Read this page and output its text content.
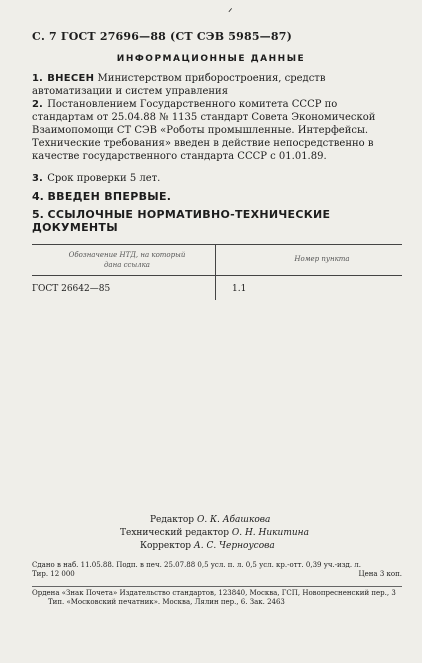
ᐟ
С. 7 ГОСТ 27696—88 (СТ СЭВ 5985—87)
ИНФОРМАЦИОННЫЕ ДАННЫЕ
1. ВНЕСЕН Министерством приборостроения, средств автоматизации и систем управления
2. Постановлением Государственного комитета СССР по стандартам от 25.04.88 № 1135 стандарт Совета Экономической Взаимопомощи СТ СЭВ «Роботы промышленные. Интерфейсы. Технические требования» введен в действие непосредственно в качестве государственного стандарта СССР с 01.01.89.
3. Срок проверки 5 лет.
4. ВВЕДЕН ВПЕРВЫЕ.
5. ССЫЛОЧНЫЕ НОРМАТИВНО-ТЕХНИЧЕСКИЕ ДОКУМЕНТЫ
Обозначение НТД, на который
дана ссылка
Номер пункта
ГОСТ 26642—85	1.1
Редактор О. К. Абашкова
Технический редактор О. Н. Никитина
Корректор А. С. Черноусова
Сдано в наб. 11.05.88. Подп. в печ. 25.07.88 0,5 усл. п. л. 0,5 усл. кр.-отт. 0,39 уч.-изд. л.
Тир. 12 000	Цена 3 коп.
Ордена «Знак Почета» Издательство стандартов, 123840, Москва, ГСП, Новопресненский пер., 3
Тип. «Московский печатник». Москва, Лялин пер., 6. Зак. 2463
